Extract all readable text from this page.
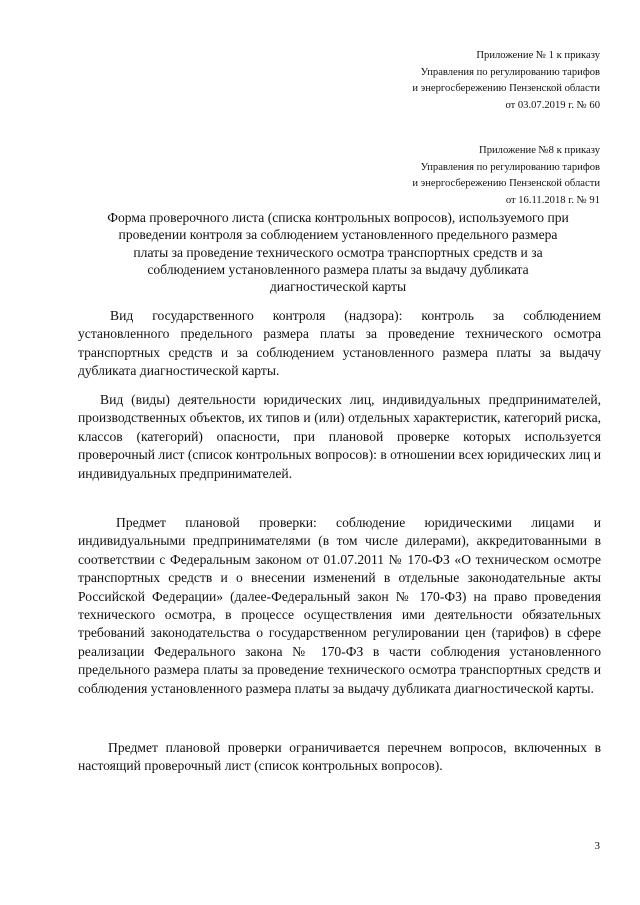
Приложение № 1 к приказу
Управления по регулированию тарифов
и энергосбережению Пензенской области
от 03.07.2019 г. № 60
Приложение №8 к приказу
Управления по регулированию тарифов
и энергосбережению Пензенской области
от 16.11.2018 г. № 91
Форма проверочного листа (списка контрольных вопросов), используемого при
проведении контроля за соблюдением установленного предельного размера
платы за проведение технического осмотра транспортных средств и за
соблюдением установленного размера платы за выдачу дубликата
диагностической карты

Вид государственного контроля (надзора): контроль за соблюдением установленного предельного размера платы за проведение технического осмотра транспортных средств и за соблюдением установленного размера платы за выдачу дубликата диагностической карты.

Вид (виды) деятельности юридических лиц, индивидуальных предпринимателей, производственных объектов, их типов и (или) отдельных характеристик, категорий риска, классов (категорий) опасности, при плановой проверке которых используется проверочный лист (список контрольных вопросов): в отношении всех юридических лиц и индивидуальных предпринимателей.

Предмет плановой проверки: соблюдение юридическими лицами и индивидуальными предпринимателями (в том числе дилерами), аккредитованными в соответствии с Федеральным законом от 01.07.2011 № 170-ФЗ «О техническом осмотре транспортных средств и о внесении изменений в отдельные законодательные акты Российской Федерации» (далее-Федеральный закон № 170-ФЗ) на право проведения технического осмотра, в процессе осуществления ими деятельности обязательных требований законодательства о государственном регулировании цен (тарифов) в сфере реализации Федерального закона № 170-ФЗ в части соблюдения установленного предельного размера платы за проведение технического осмотра транспортных средств и соблюдения установленного размера платы за выдачу дубликата диагностической карты.

Предмет плановой проверки ограничивается перечнем вопросов, включенных в настоящий проверочный лист (список контрольных вопросов).

3
